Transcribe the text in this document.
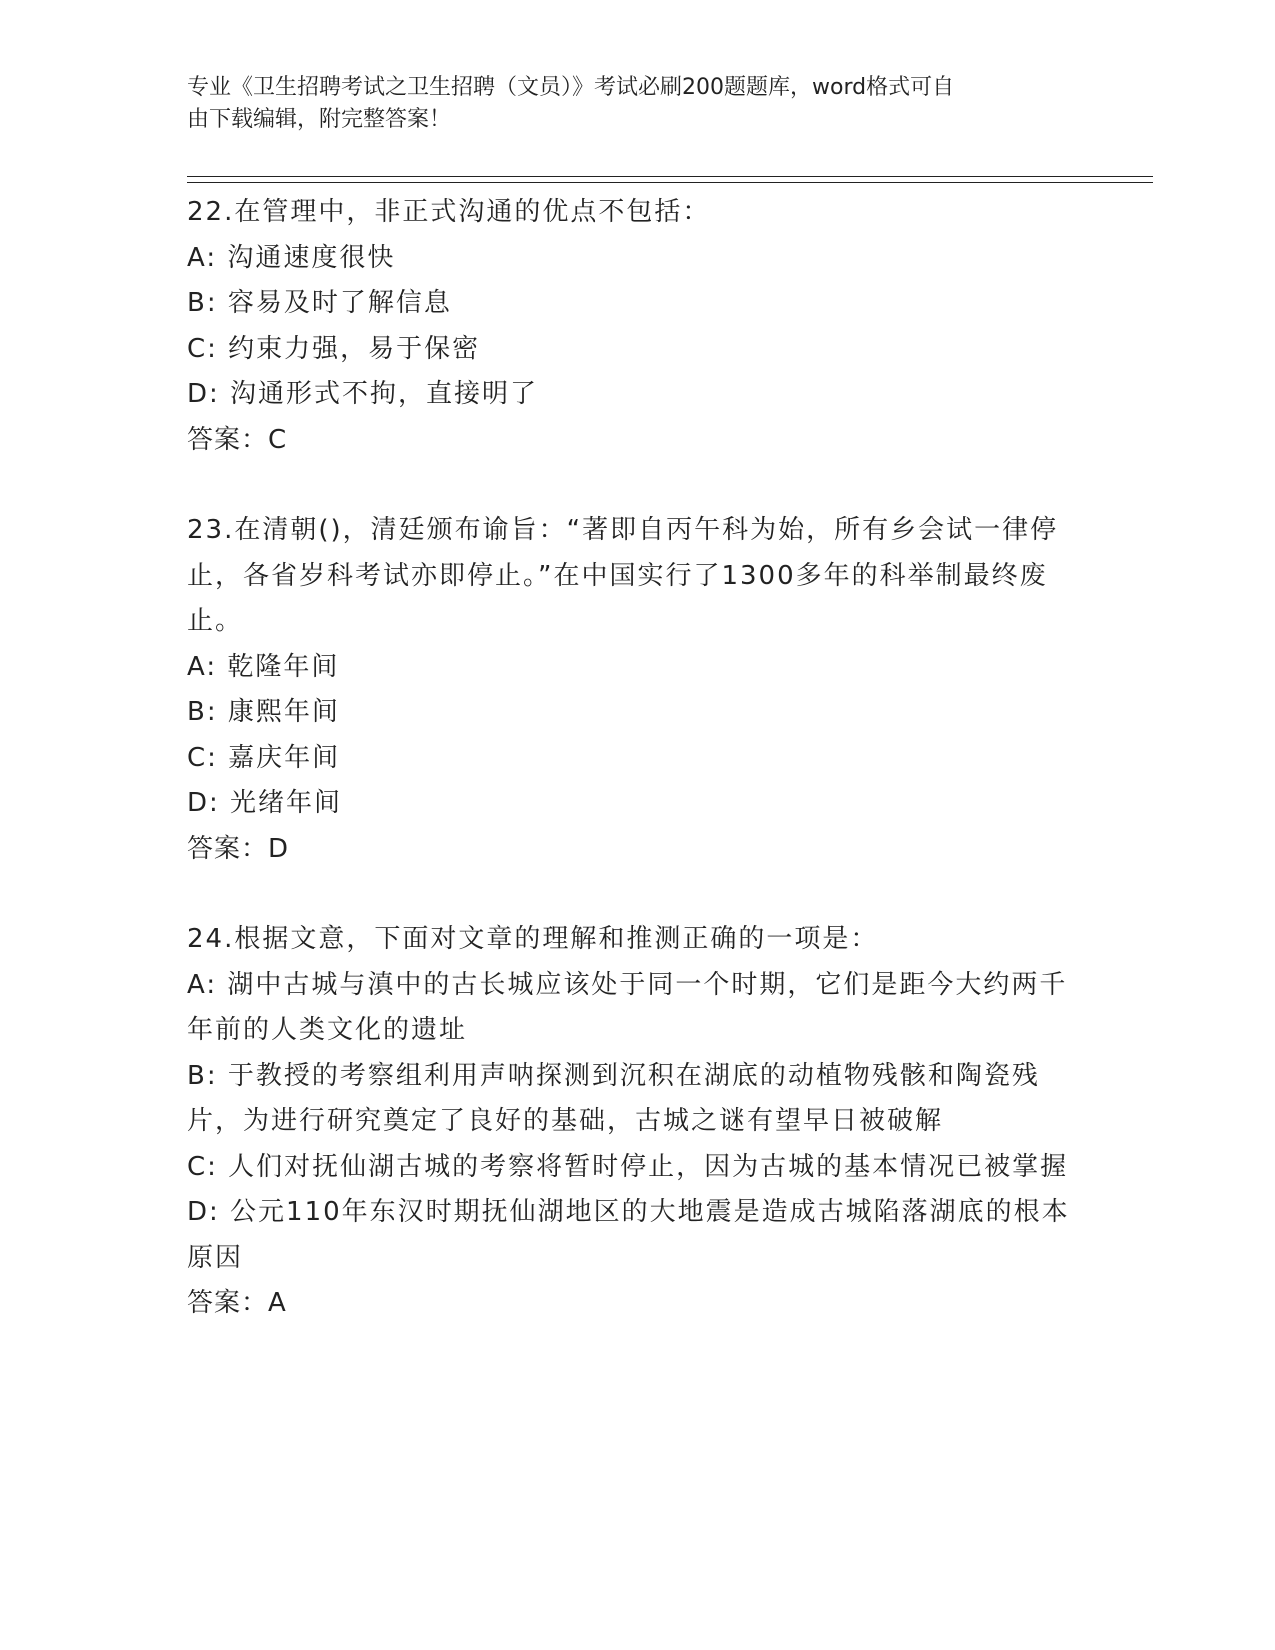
专业《卫生招聘考试之卫生招聘（文员）》考试必刷200题题库，word格式可自
由下载编辑，附完整答案！
22.在管理中，非正式沟通的优点不包括：
A: 沟通速度很快
B: 容易及时了解信息
C: 约束力强，易于保密
D: 沟通形式不拘，直接明了
答案：C
23.在清朝()，清廷颁布谕旨：“著即自丙午科为始，所有乡会试一律停止，各省岁科考试亦即停止。”在中国实行了1300多年的科举制最终废止。
A: 乾隆年间
B: 康熙年间
C: 嘉庆年间
D: 光绪年间
答案：D
24.根据文意，下面对文章的理解和推测正确的一项是：
A: 湖中古城与滇中的古长城应该处于同一个时期，它们是距今大约两千年前的人类文化的遗址
B: 于教授的考察组利用声呐探测到沉积在湖底的动植物残骸和陶瓷残片，为进行研究奠定了良好的基础，古城之谜有望早日被破解
C: 人们对抚仙湖古城的考察将暂时停止，因为古城的基本情况已被掌握
D: 公元110年东汉时期抚仙湖地区的大地震是造成古城陷落湖底的根本原因
答案：A
